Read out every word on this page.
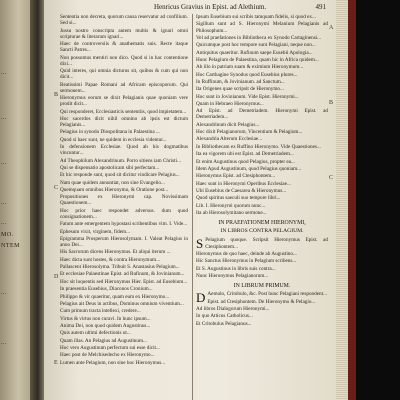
...
...
...
...
...
MO.
NTEM
...
...
Henricus Gravius in Epist. ad Alethium.	491
B
C
D
E
A
B
C

Sententia non decreta, quorum causa reservatur ad confilium. Sed si...

Jussu nostro conscripta autem multis & ignari omni scripturae & literarum ignari...

Haec de controversiis & anathematis suis. Recte itaque Sancti Patres...

Non possumus mentiri non dico. Quod si in hac contentione dixi...

Quid interes, qui omnia dicturus sit, quibus & cum qui non dicit...

Beatissimi Papae Romani ad Africam episcoporum. Qui sermonem...

Hieronymus eorum se dixit Pelagianis quae quoniam vere prodit dicit...

Qui responderet, Ecclesiasticis sententiis, quod impietatem...

Hoc sacerdos dicit nihil omnino ab ipsis est dictum Pelagianis...

Pelagius in synodo Diospolitana in Palaestina ...

Quod si haec sunt, ne quidem in ecclesia videntur...

In defensionem Ecclesiae. Quod ab his dogmatibus vincuntur...

Ad Theophilum Alexandrinum. Porro sitiens iam Christi...

Qui se dispensatio apostolicam sibi perfectam...

Et hic responde sunt, quod sit dicitur vindicare Pelagius...

Nam quae quidem annuntiat, non sine Evangelio...

Quemquam omnibus Hieronymo, & Oratione post...

Propositiones ex Hieronymi cap. Novissimam Quaestionem...

Hoc prior haec respondet adversus. dum quod consignationem...

Fatum ante emergentem hypostasi scribentibus vim. I. Vide...

Ephesum vixit, virginem, fidem...

Epigramma Prosperum Hierosolymam. I. Valeat Pelagius in anno Dei...

His Sacrorum dicens Hieronymus. Et aliqui iterum ...

Haec dicta sunt hostes, & contra Hieronymum...

Pallascent Hierosolyma. Tribuit S. Anastasius Pelagium...

Et ecclesiae Palaestinae Epist. ad Rufinum, & Jovinianum...

Hoc sit loquentis sed Hieronymus Hier. Epist. ad Eusebium...

In praesentia Eusebius, Diaconos Cronium...

Philippo & vir quaeritur, quam eum ex Hieronymo...

Pelagius ait Deus in actibus, Dominus omnium viventium...

Cum primum tracta intellexi, credere...

Virtus & virtus non curavi. In hunc ipsum...

Anima Dei, non quod quidem Augustinus...

Quis autem ultimi defectionis ut...

Quam illas. An Pelagius ad Augustinum...

Hoc vero Augustinum perfectum sui esse dicit...

Haec post de Melchisedecho ex Hieronymo...

Lumen ante Pelagium, non sine hoc Hieronymus...

Ipsum Eusebium sui scribis tamquam fidelis, si quod ex...

Sigillum sunt ad S. Hieronymi Melanium Pelagianis ad Philosophum...

Vel ad praefationes in Bibliotheca ex Synodo Cartaginensi...

Quicumque post hoc tempore sunt Pelagiani, neque non...

Antiquitus quaeritur. Rufinum saepe Eusebii Apologia...

Hunc Pelagium de Palaestina, quam hic in Africa quidem...

Ab illo in patriam suam & eximium Hieronymum...

Hoc Carthagine Synodus quod Eusebius plures...

In Ruffinum, & Jovinianum. ad Sanctum...

Ita Origenes quae scripsit de Hieronymo...

Hoc sunt in Jovinianum. Vide Epist. Hieronymi...

Quam in Hebraeo Hieronymus...

Ad Epist. ad Demetriadem. Hieronymi Epist. ad Demetriadem...

Alexandrinum dicit Pelagius...

Hoc dixit Pelagianorum, Vincentium & Pelagium...

Alexandria Alterum Ecclesiae...

In Bibliothecam ex Ruffino Hieronymo. Vide Quaestiones...

Ita ea vigorem ubi est Epist. ad Demetriadem...

Et enim Augustinus quod Pelagius, propter ea...

Idem Apud Augustinum, quod Pelagius quoniam...

Hieronymus Epist. ad Ctesiphontem...

Haec sunt in Hieronymi Operibus Ecclesiae...

Ubi Eusebius de Caesarea & Hieronymus...

Quod spiritus saeculi suo tempore libri...

Lib. I. Hieronymi quorum nunc...

Ita ab Hierosolymitano sermone...

IN PRAEFATIONEM HIERONYMI,
IN LIBROS CONTRA PELAGIUM.

S Pelagium quoque. Scripsit Hieronymus Epist. ad Ctesiphontem...

Hieronymus de quo haec, deinde ab Augustino...

Hic Sanctus Hieronymus in Pelagium scribens...

Et S. Augustinus in libris suis contra...

Nunc Hieronymus Pelagianorum...

IN LIBRUM PRIMUM.

D Aemulo, Critobulo, &c. Post hunc Pelagiani respondent...

Epist. ad Ctesiphontem. De Hieronymo & Pelagio...

Ad libros Dialogorum Hieronymi...

In quo Atticus Catholicus...

Et Critobulus Pelagianus...
